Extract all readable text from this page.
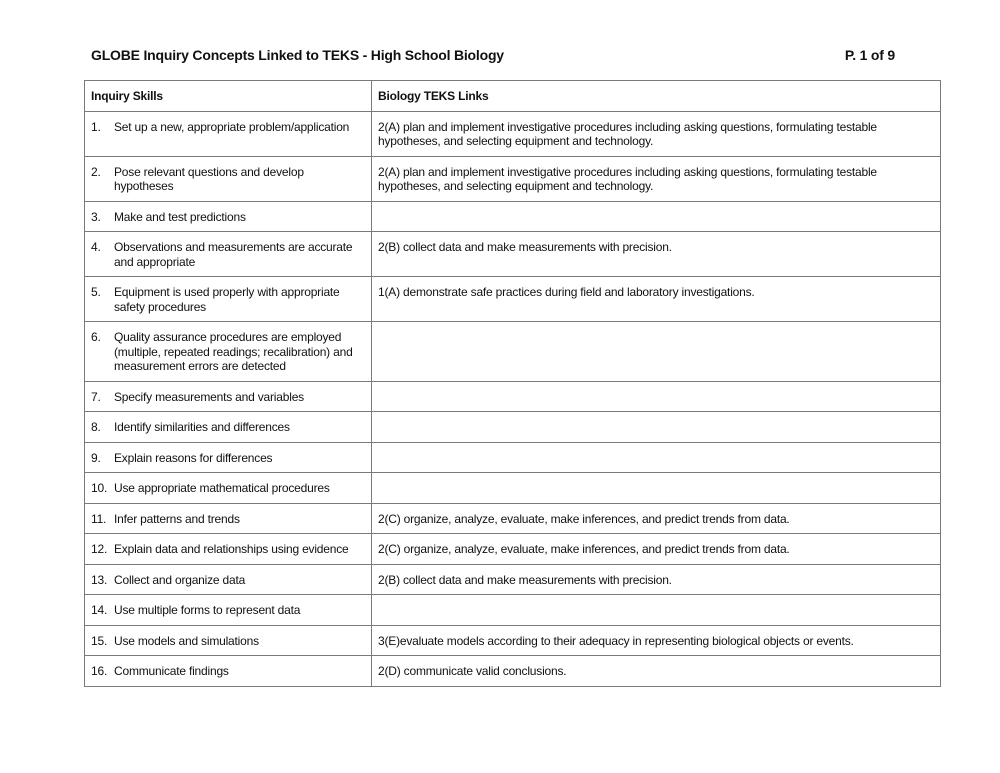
GLOBE Inquiry Concepts Linked to TEKS - High School Biology	P. 1 of 9
Inquiry Skills	Biology TEKS Links

1. Set up a new, appropriate problem/application	2(A) plan and implement investigative procedures including asking questions, formulating testable hypotheses, and selecting equipment and technology.

2. Pose relevant questions and develop hypotheses	2(A) plan and implement investigative procedures including asking questions, formulating testable hypotheses, and selecting equipment and technology.

3. Make and test predictions	

4. Observations and measurements are accurate and appropriate	2(B) collect data and make measurements with precision.

5. Equipment is used properly with appropriate safety procedures	1(A) demonstrate safe practices during field and laboratory investigations.

6. Quality assurance procedures are employed (multiple, repeated readings; recalibration) and measurement errors are detected	

7. Specify measurements and variables	

8. Identify similarities and differences	

9. Explain reasons for differences	

10. Use appropriate mathematical procedures	

11. Infer patterns and trends	2(C) organize, analyze, evaluate, make inferences, and predict trends from data.

12. Explain data and relationships using evidence	2(C) organize, analyze, evaluate, make inferences, and predict trends from data.

13. Collect and organize data	2(B) collect data and make measurements with precision.

14. Use multiple forms to represent data	

15. Use models and simulations	3(E)evaluate models according to their adequacy in representing biological objects or events.

16. Communicate findings	2(D) communicate valid conclusions.
